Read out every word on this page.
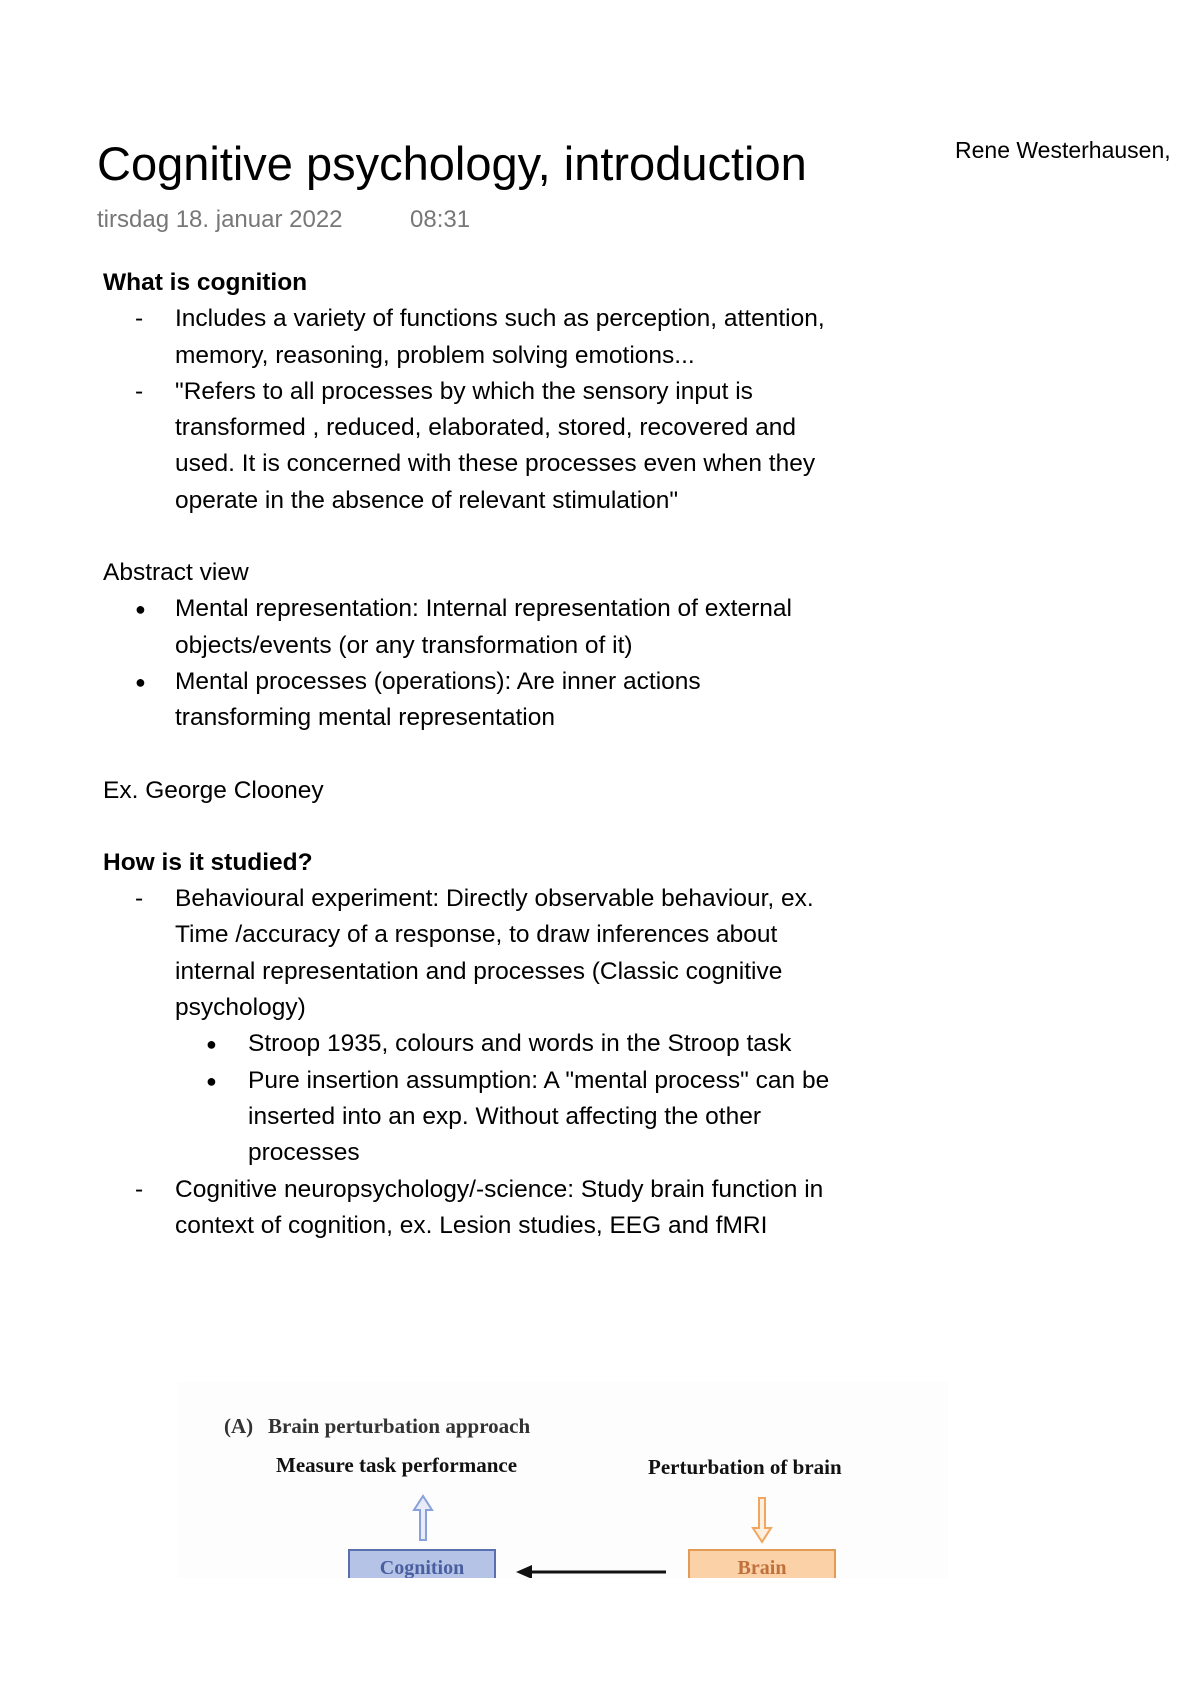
Cognitive psychology, introduction	Rene Westerhausen,
tirsdag 18. januar 2022	08:31
What is cognition
-	Includes a variety of functions such as perception, attention, memory, reasoning, problem solving emotions...
-	"Refers to all processes by which the sensory input is transformed , reduced, elaborated, stored, recovered and used. It is concerned with these processes even when they operate in the absence of relevant stimulation"
Abstract view
●	Mental representation: Internal representation of external objects/events (or any transformation of it)
●	Mental processes (operations): Are inner actions transforming mental representation
Ex. George Clooney
How is it studied?
-	Behavioural experiment: Directly observable behaviour, ex. Time /accuracy of a response, to draw inferences about internal representation and processes (Classic cognitive psychology)
●	Stroop 1935, colours and words in the Stroop task
●	Pure insertion assumption: A "mental process" can be inserted into an exp. Without affecting the other processes
-	Cognitive neuropsychology/-science: Study brain function in context of cognition, ex. Lesion studies, EEG and fMRI
(A) Brain perturbation approach
Measure task performance	Perturbation of brain
Cognition	Brain
